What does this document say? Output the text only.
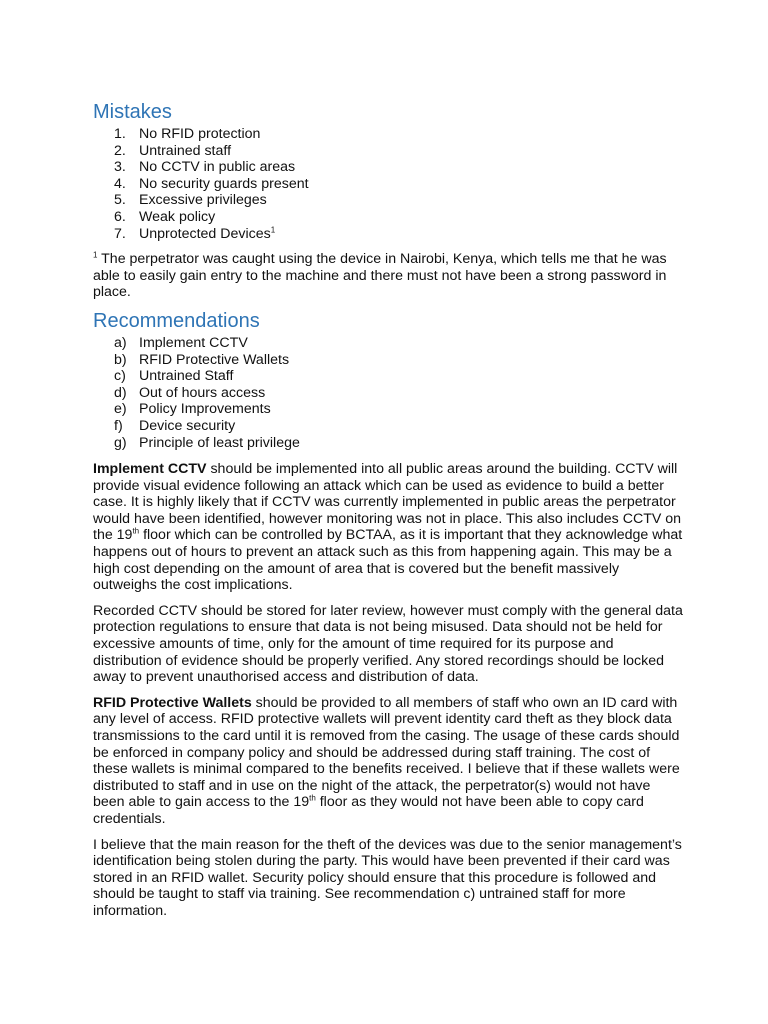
Mistakes
1. No RFID protection
2. Untrained staff
3. No CCTV in public areas
4. No security guards present
5. Excessive privileges
6. Weak policy
7. Unprotected Devices$^1$

$^1$ The perpetrator was caught using the device in Nairobi, Kenya, which tells me that he was able to easily gain entry to the machine and there must not have been a strong password in place.

Recommendations
a) Implement CCTV
b) RFID Protective Wallets
c) Untrained Staff
d) Out of hours access
e) Policy Improvements
f) Device security
g) Principle of least privilege

Implement CCTV should be implemented into all public areas around the building. CCTV will provide visual evidence following an attack which can be used as evidence to build a better case. It is highly likely that if CCTV was currently implemented in public areas the perpetrator would have been identified, however monitoring was not in place. This also includes CCTV on the 19th floor which can be controlled by BCTAA, as it is important that they acknowledge what happens out of hours to prevent an attack such as this from happening again. This may be a high cost depending on the amount of area that is covered but the benefit massively outweighs the cost implications.

Recorded CCTV should be stored for later review, however must comply with the general data protection regulations to ensure that data is not being misused. Data should not be held for excessive amounts of time, only for the amount of time required for its purpose and distribution of evidence should be properly verified. Any stored recordings should be locked away to prevent unauthorised access and distribution of data.

RFID Protective Wallets should be provided to all members of staff who own an ID card with any level of access. RFID protective wallets will prevent identity card theft as they block data transmissions to the card until it is removed from the casing. The usage of these cards should be enforced in company policy and should be addressed during staff training. The cost of these wallets is minimal compared to the benefits received. I believe that if these wallets were distributed to staff and in use on the night of the attack, the perpetrator(s) would not have been able to gain access to the 19th floor as they would not have been able to copy card credentials.

I believe that the main reason for the theft of the devices was due to the senior management’s identification being stolen during the party. This would have been prevented if their card was stored in an RFID wallet. Security policy should ensure that this procedure is followed and should be taught to staff via training. See recommendation c) untrained staff for more information.
